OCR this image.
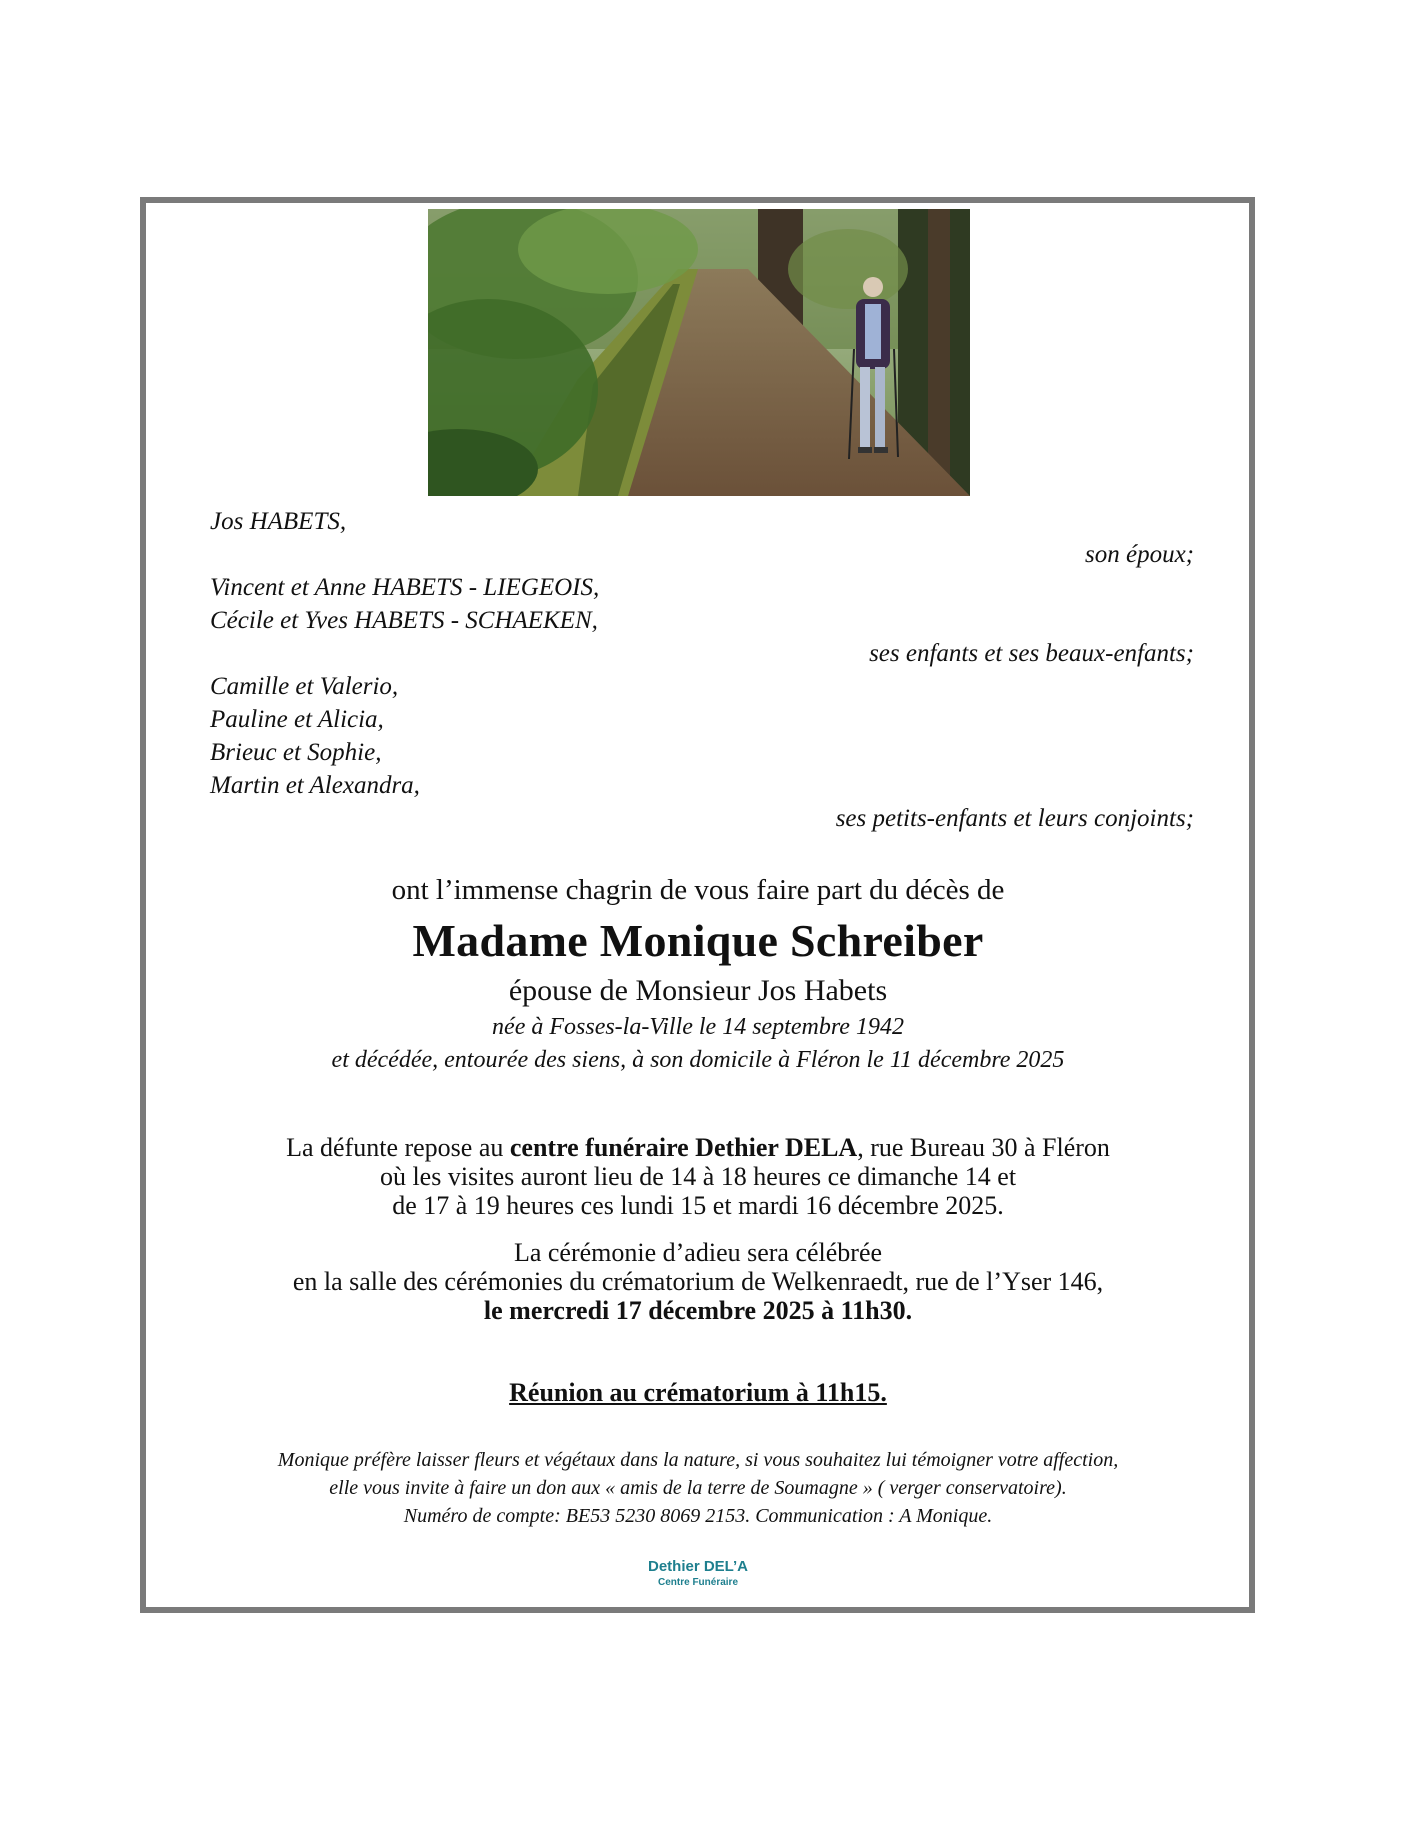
Jos HABETS,
son époux;
Vincent et Anne HABETS - LIEGEOIS,
Cécile et Yves HABETS - SCHAEKEN,
ses enfants et ses beaux-enfants;
Camille et Valerio,
Pauline et Alicia,
Brieuc et Sophie,
Martin et Alexandra,
ses petits-enfants et leurs conjoints;
ont l’immense chagrin de vous faire part du décès de
Madame Monique Schreiber
épouse de Monsieur Jos Habets
née à Fosses-la-Ville le 14 septembre 1942
et décédée, entourée des siens, à son domicile à Fléron le 11 décembre 2025
La défunte repose au centre funéraire Dethier DELA, rue Bureau 30 à Fléron
où les visites auront lieu de 14 à 18 heures ce dimanche 14 et
de 17 à 19 heures ces lundi 15 et mardi 16 décembre 2025.
La cérémonie d’adieu sera célébrée
en la salle des cérémonies du crématorium de Welkenraedt, rue de l’Yser 146,
le mercredi 17 décembre 2025 à 11h30.
Réunion au crématorium à 11h15.
Monique préfère laisser fleurs et végétaux dans la nature, si vous souhaitez lui témoigner votre affection,
elle vous invite à faire un don aux « amis de la terre de Soumagne » ( verger conservatoire).
Numéro de compte: BE53 5230 8069 2153. Communication : A Monique.
Dethier DEL’A
Centre Funéraire
